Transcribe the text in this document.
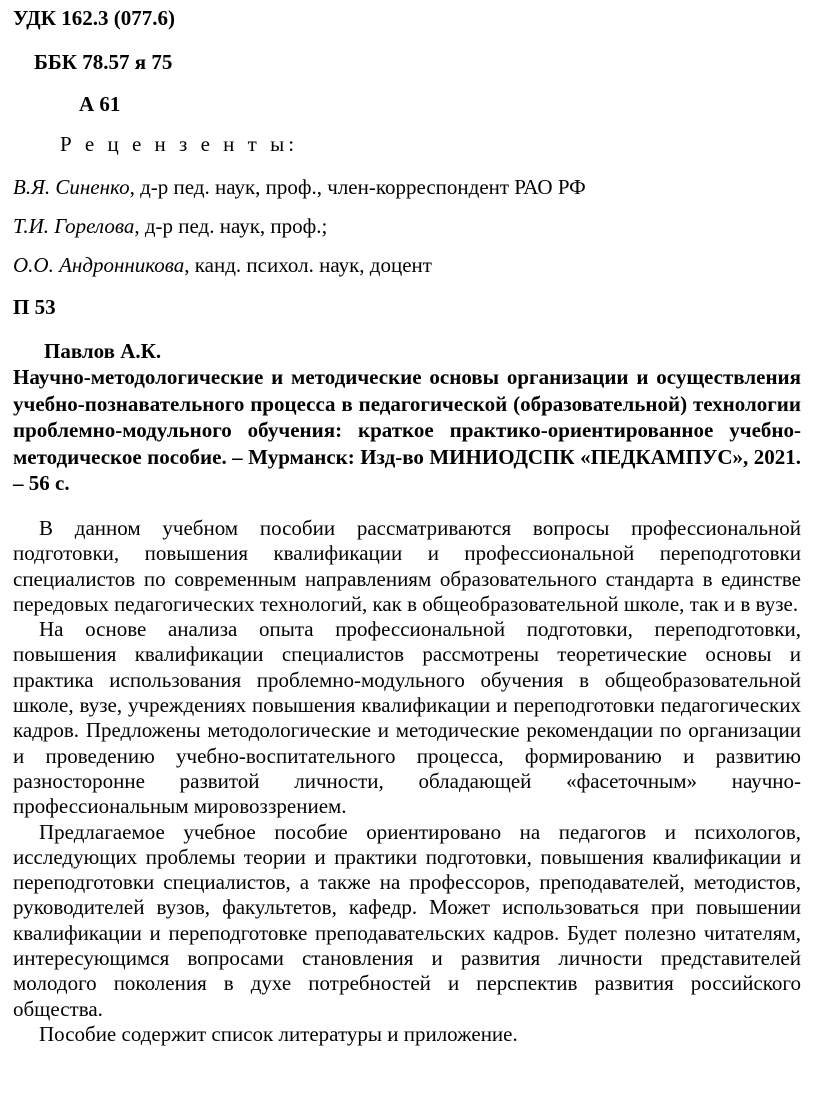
УДК 162.3 (077.6)
ББК 78.57 я 75
А 61
Р е ц е н з е н т ы:
В.Я. Синенко, д-р пед. наук, проф., член-корреспондент РАО РФ
Т.И. Горелова, д-р пед. наук, проф.;
О.О. Андронникова, канд. психол. наук, доцент
П 53
Павлов А.К.
Научно-методологические и методические основы организации и осуществления учебно-познавательного процесса в педагогической (образовательной) технологии проблемно-модульного обучения: краткое практико-ориентированное учебно-методическое пособие. – Мурманск: Изд-во МИНИОДСПК «ПЕДКАМПУС», 2021. – 56 с.

В данном учебном пособии рассматриваются вопросы профессиональной подготовки, повышения квалификации и профессиональной переподготовки специалистов по современным направлениям образовательного стандарта в единстве передовых педагогических технологий, как в общеобразовательной школе, так и в вузе.

На основе анализа опыта профессиональной подготовки, переподготовки, повышения квалификации специалистов рассмотрены теоретические основы и практика использования проблемно-модульного обучения в общеобразовательной школе, вузе, учреждениях повышения квалификации и переподготовки педагогических кадров. Предложены методологические и методические рекомендации по организации и проведению учебно-воспитательного процесса, формированию и развитию разносторонне развитой личности, обладающей «фасеточным» научно-профессиональным мировоззрением.

Предлагаемое учебное пособие ориентировано на педагогов и психологов, исследующих проблемы теории и практики подготовки, повышения квалификации и переподготовки специалистов, а также на профессоров, преподавателей, методистов, руководителей вузов, факультетов, кафедр. Может использоваться при повышении квалификации и переподготовке преподавательских кадров. Будет полезно читателям, интересующимся вопросами становления и развития личности представителей молодого поколения в духе потребностей и перспектив развития российского общества.

Пособие содержит список литературы и приложение.
